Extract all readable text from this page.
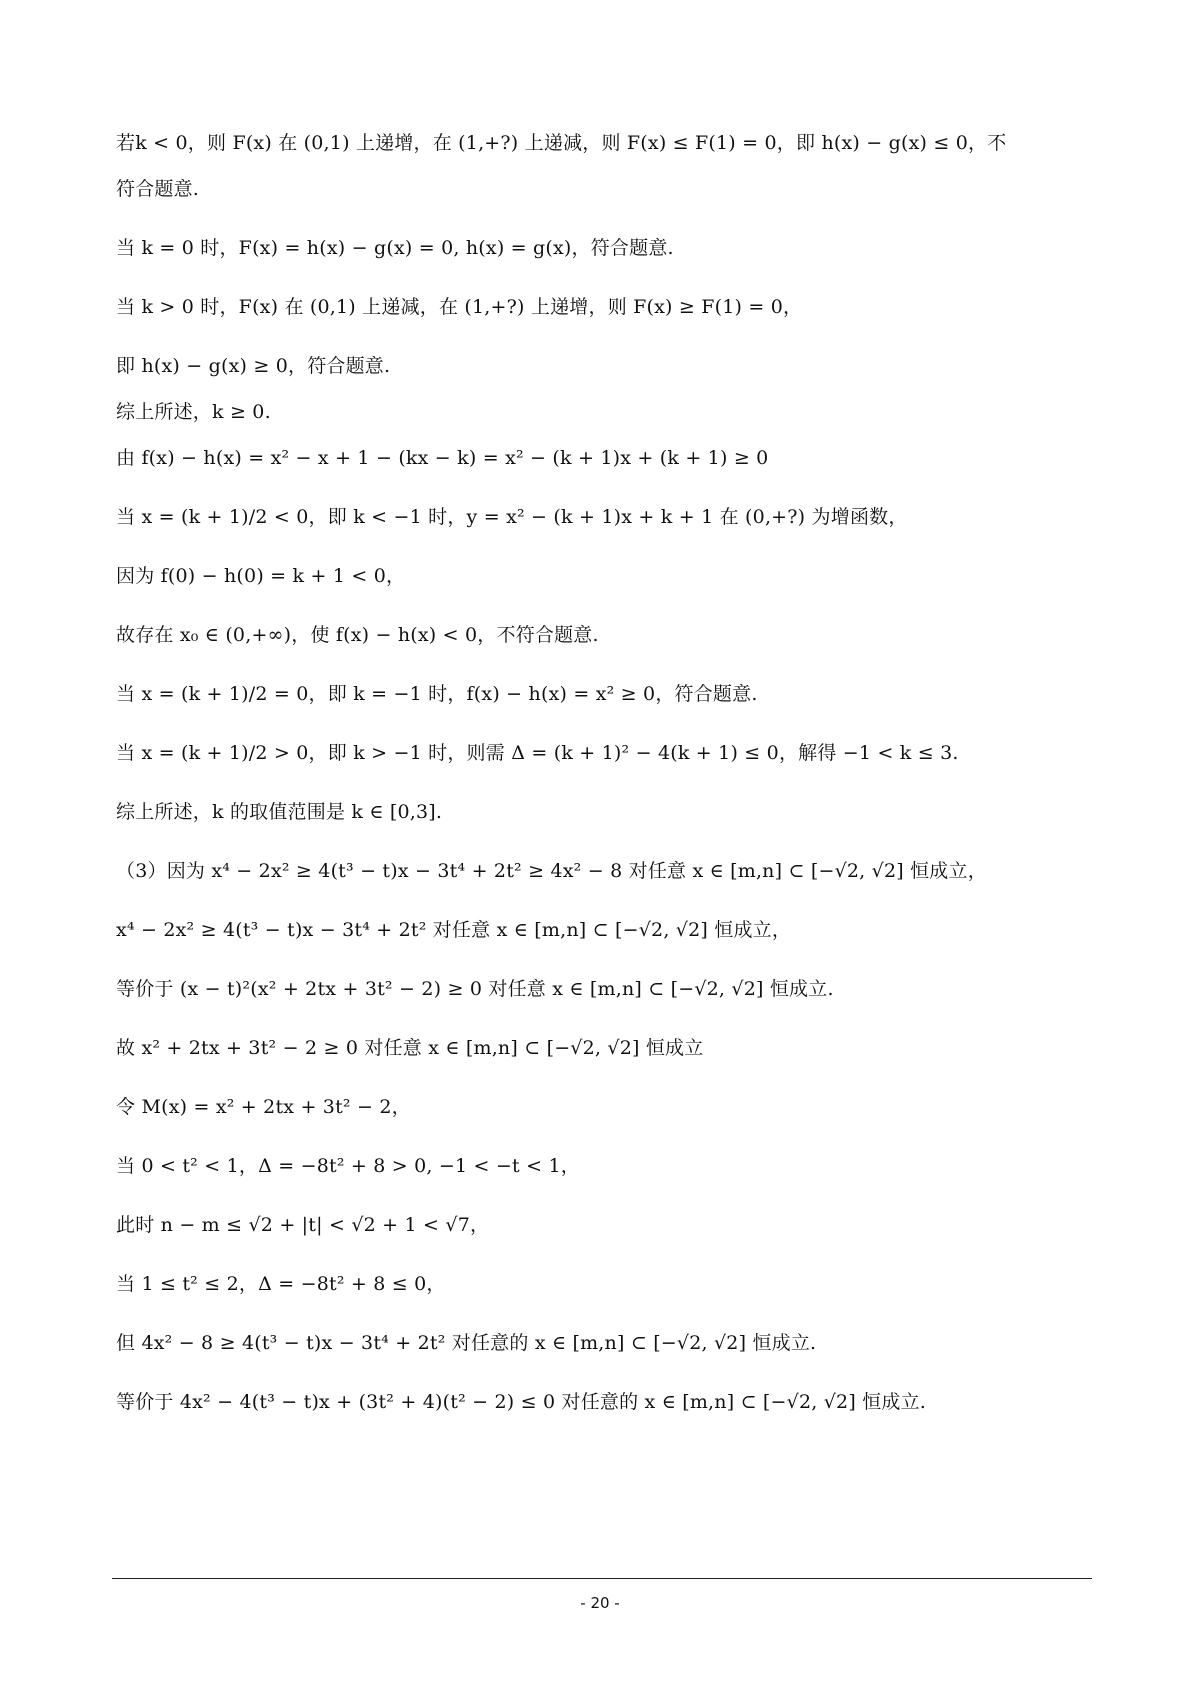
若k < 0，则 F(x) 在 (0,1) 上递增，在 (1,+?) 上递减，则 F(x) ≤ F(1) = 0，即 h(x) − g(x) ≤ 0，不
符合题意.
当 k = 0 时，F(x) = h(x) − g(x) = 0, h(x) = g(x)，符合题意.
当 k > 0 时，F(x) 在 (0,1) 上递减，在 (1,+?) 上递增，则 F(x) ≥ F(1) = 0，
即 h(x) − g(x) ≥ 0，符合题意.
综上所述，k ≥ 0.
由 f(x) − h(x) = x² − x + 1 − (kx − k) = x² − (k + 1)x + (k + 1) ≥ 0
当 x = (k + 1)/2 < 0，即 k < −1 时，y = x² − (k + 1)x + k + 1 在 (0,+?) 为增函数，
因为 f(0) − h(0) = k + 1 < 0，
故存在 x₀ ∈ (0,+∞)，使 f(x) − h(x) < 0，不符合题意.
当 x = (k + 1)/2 = 0，即 k = −1 时，f(x) − h(x) = x² ≥ 0，符合题意.
当 x = (k + 1)/2 > 0，即 k > −1 时，则需 Δ = (k + 1)² − 4(k + 1) ≤ 0，解得 −1 < k ≤ 3.
综上所述，k 的取值范围是 k ∈ [0,3].
（3）因为 x⁴ − 2x² ≥ 4(t³ − t)x − 3t⁴ + 2t² ≥ 4x² − 8 对任意 x ∈ [m,n] ⊂ [−√2, √2] 恒成立，
x⁴ − 2x² ≥ 4(t³ − t)x − 3t⁴ + 2t² 对任意 x ∈ [m,n] ⊂ [−√2, √2] 恒成立，
等价于 (x − t)²(x² + 2tx + 3t² − 2) ≥ 0 对任意 x ∈ [m,n] ⊂ [−√2, √2] 恒成立.
故 x² + 2tx + 3t² − 2 ≥ 0 对任意 x ∈ [m,n] ⊂ [−√2, √2] 恒成立
令 M(x) = x² + 2tx + 3t² − 2，
当 0 < t² < 1，Δ = −8t² + 8 > 0, −1 < −t < 1，
此时 n − m ≤ √2 + |t| < √2 + 1 < √7，
当 1 ≤ t² ≤ 2，Δ = −8t² + 8 ≤ 0，
但 4x² − 8 ≥ 4(t³ − t)x − 3t⁴ + 2t² 对任意的 x ∈ [m,n] ⊂ [−√2, √2] 恒成立.
等价于 4x² − 4(t³ − t)x + (3t² + 4)(t² − 2) ≤ 0 对任意的 x ∈ [m,n] ⊂ [−√2, √2] 恒成立.
- 20 -
